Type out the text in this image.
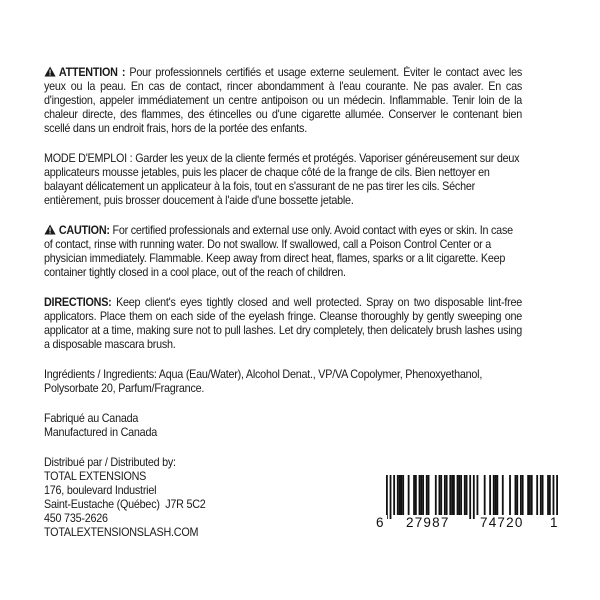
ATTENTION : Pour professionnels certifiés et usage externe seulement. Éviter le contact avec les yeux ou la peau. En cas de contact, rincer abondamment à l'eau courante. Ne pas avaler. En cas d'ingestion, appeler immédiatement un centre antipoison ou un médecin. Inflammable. Tenir loin de la chaleur directe, des flammes, des étincelles ou d'une cigarette allumée. Conserver le contenant bien scellé dans un endroit frais, hors de la portée des enfants.

MODE D'EMPLOI : Garder les yeux de la cliente fermés et protégés. Vaporiser généreusement sur deux applicateurs mousse jetables, puis les placer de chaque côté de la frange de cils. Bien nettoyer en balayant délicatement un applicateur à la fois, tout en s'assurant de ne pas tirer les cils. Sécher entièrement, puis brosser doucement à l'aide d'une bossette jetable.

CAUTION: For certified professionals and external use only. Avoid contact with eyes or skin. In case of contact, rinse with running water. Do not swallow. If swallowed, call a Poison Control Center or a physician immediately. Flammable. Keep away from direct heat, flames, sparks or a lit cigarette. Keep container tightly closed in a cool place, out of the reach of children.

DIRECTIONS: Keep client's eyes tightly closed and well protected. Spray on two disposable lint-free applicators. Place them on each side of the eyelash fringe. Cleanse thoroughly by gently sweeping one applicator at a time, making sure not to pull lashes. Let dry completely, then delicately brush lashes using a disposable mascara brush.

Ingrédients / Ingredients: Aqua (Eau/Water), Alcohol Denat., VP/VA Copolymer, Phenoxyethanol, Polysorbate 20, Parfum/Fragrance.

Fabriqué au Canada
Manufactured in Canada

Distribué par / Distributed by:

TOTAL EXTENSIONS

176, boulevard Industriel

Saint-Eustache (Québec)  J7R 5C2

450 735-2626

TOTALEXTENSIONSLASH.COM

6 27987 74720 1
